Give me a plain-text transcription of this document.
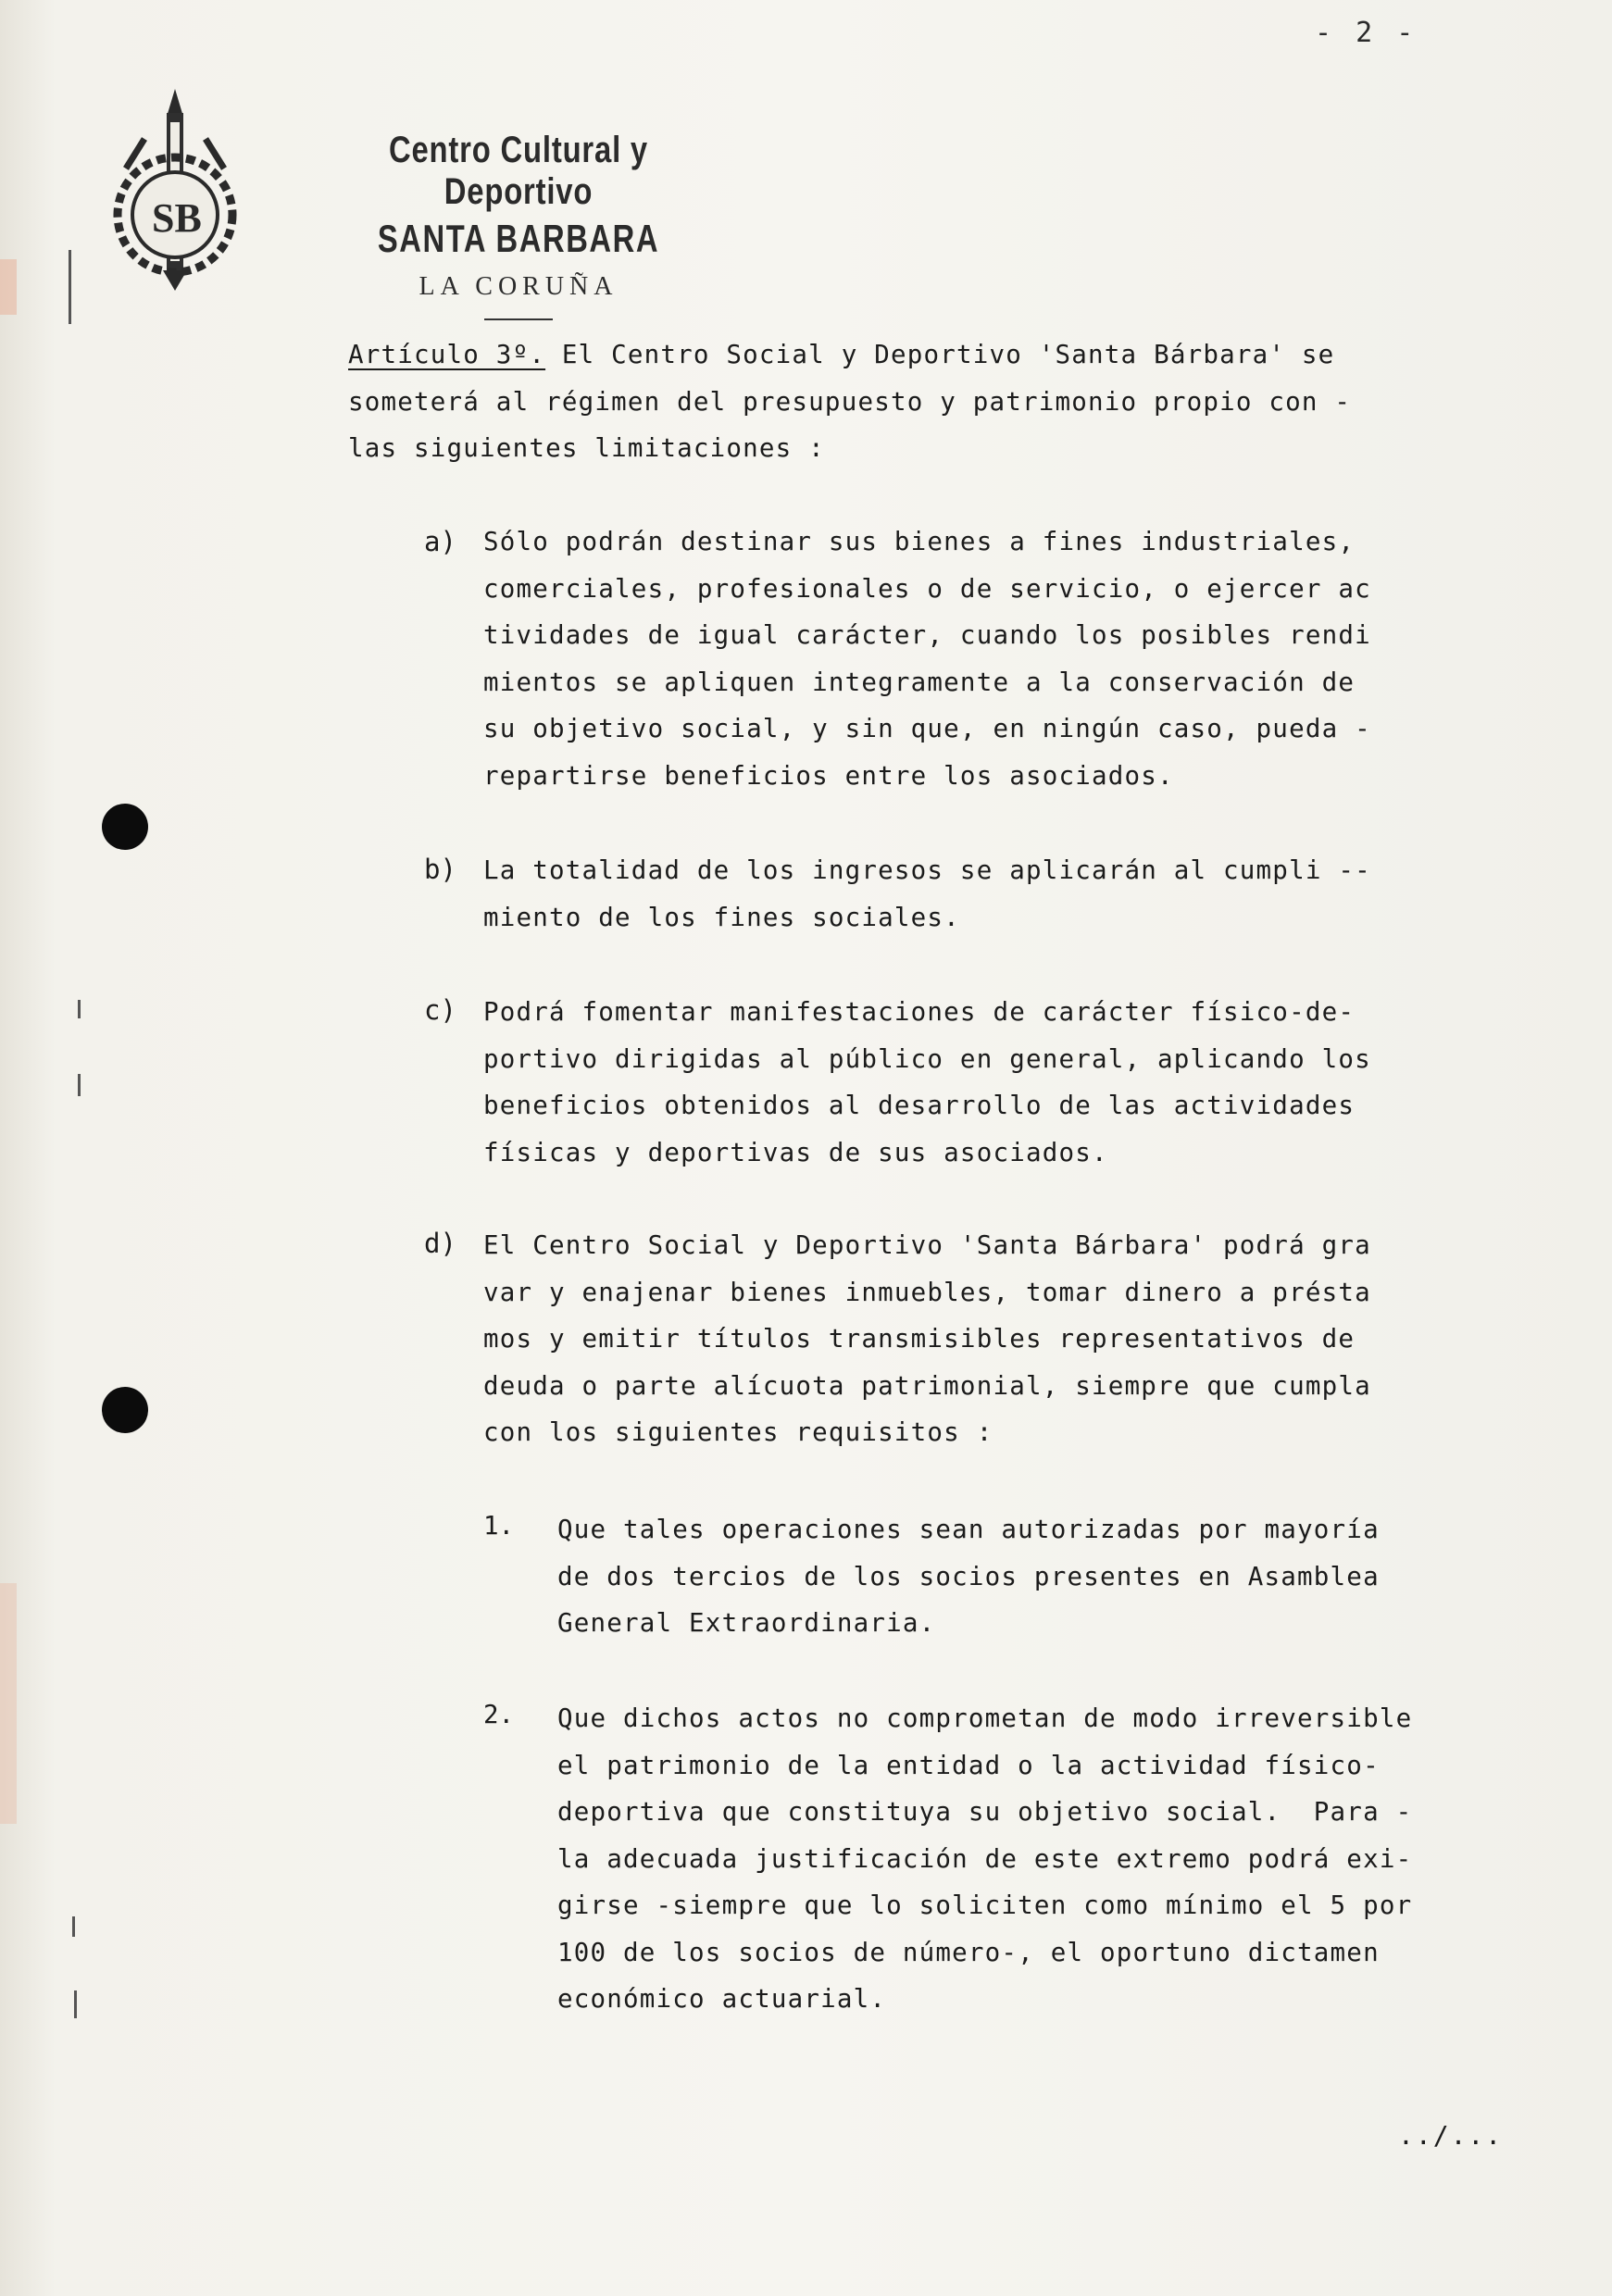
- 2 -
SB
Centro Cultural y Deportivo
SANTA BARBARA
LA CORUÑA
Artículo 3º. El Centro Social y Deportivo 'Santa Bárbara' se
someterá al régimen del presupuesto y patrimonio propio con -
las siguientes limitaciones :
a) Sólo podrán destinar sus bienes a fines industriales,
comerciales, profesionales o de servicio, o ejercer ac
tividades de igual carácter, cuando los posibles rendi
mientos se apliquen integramente a la conservación de
su objetivo social, y sin que, en ningún caso, pueda -
repartirse beneficios entre los asociados.
b) La totalidad de los ingresos se aplicarán al cumpli --
miento de los fines sociales.
c) Podrá fomentar manifestaciones de carácter físico-de-
portivo dirigidas al público en general, aplicando los
beneficios obtenidos al desarrollo de las actividades
físicas y deportivas de sus asociados.
d) El Centro Social y Deportivo 'Santa Bárbara' podrá gra
var y enajenar bienes inmuebles, tomar dinero a présta
mos y emitir títulos transmisibles representativos de
deuda o parte alícuota patrimonial, siempre que cumpla
con los siguientes requisitos :
1. Que tales operaciones sean autorizadas por mayoría
de dos tercios de los socios presentes en Asamblea
General Extraordinaria.
2. Que dichos actos no comprometan de modo irreversible
el patrimonio de la entidad o la actividad físico-
deportiva que constituya su objetivo social.  Para -
la adecuada justificación de este extremo podrá exi-
girse -siempre que lo soliciten como mínimo el 5 por
100 de los socios de número-, el oportuno dictamen
económico actuarial.
../...
